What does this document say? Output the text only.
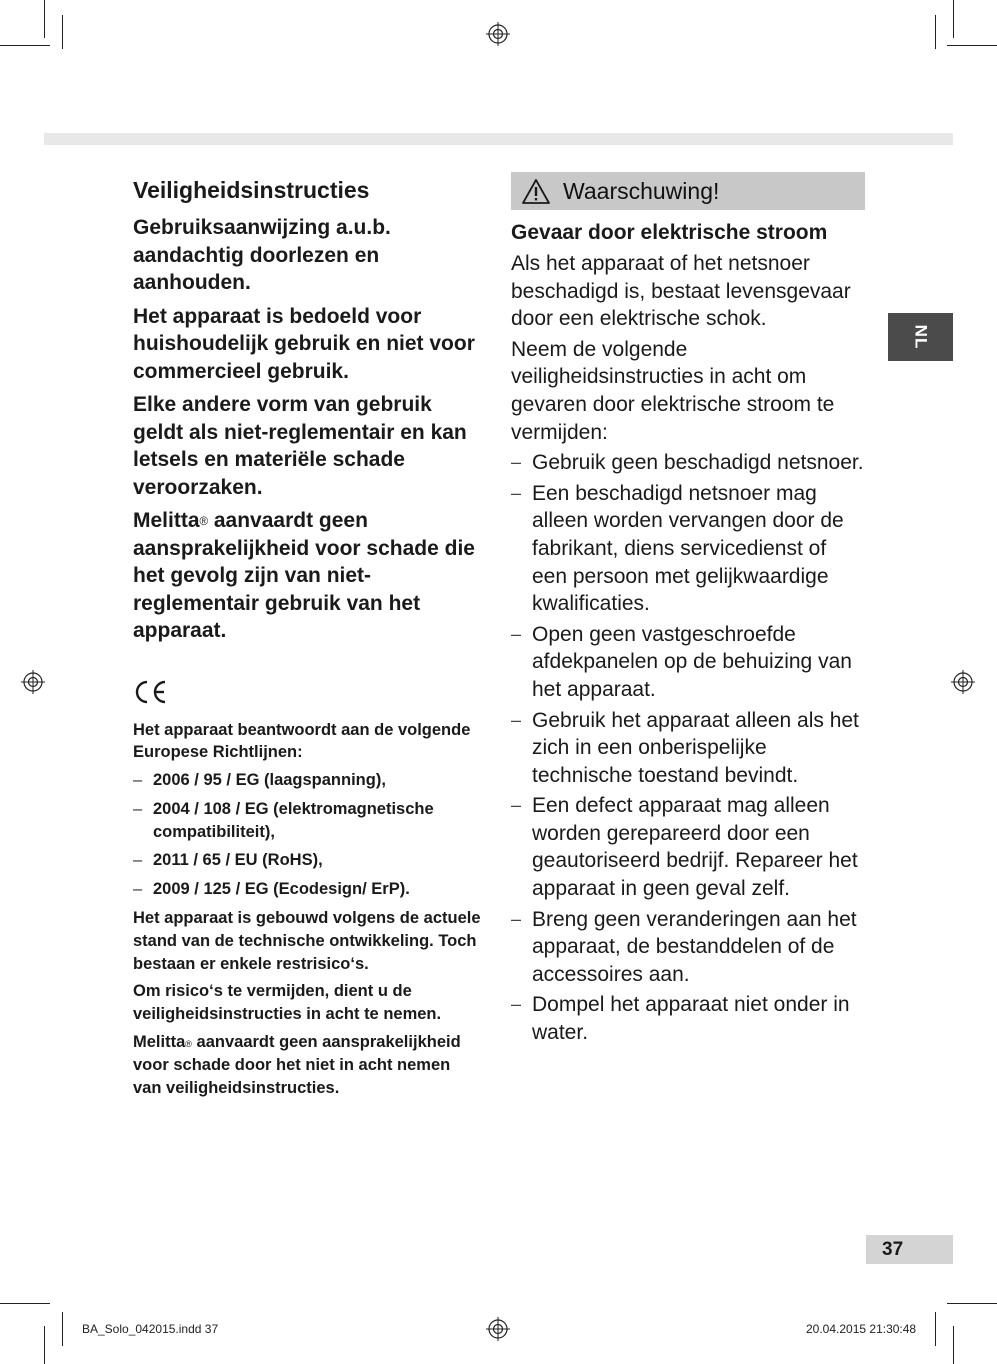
NL
Veiligheidsinstructies

Gebruiksaanwijzing a.u.b. aandachtig doorlezen en aanhouden.

Het apparaat is bedoeld voor huishoudelijk gebruik en niet voor commercieel gebruik.

Elke andere vorm van gebruik geldt als niet-reglementair en kan letsels en materiële schade veroorzaken.

Melitta® aanvaardt geen aansprakelijkheid voor schade die het gevolg zijn van niet-reglementair gebruik van het apparaat.

Het apparaat beantwoordt aan de volgende Europese Richtlijnen:

– 2006 / 95 / EG (laagspanning),
– 2004 / 108 / EG (elektromagnetische compatibiliteit),
– 2011 / 65 / EU (RoHS),
– 2009 / 125 / EG (Ecodesign/ ErP).

Het apparaat is gebouwd volgens de actuele stand van de technische ontwikkeling. Toch bestaan er enkele restrisico‘s.

Om risico‘s te vermijden, dient u de veiligheidsinstructies in acht te nemen.

Melitta® aanvaardt geen aansprakelijkheid voor schade door het niet in acht nemen van veiligheidsinstructies.

Waarschuwing!
Gevaar door elektrische stroom

Als het apparaat of het netsnoer beschadigd is, bestaat levensgevaar door een elektrische schok.

Neem de volgende veiligheidsinstructies in acht om gevaren door elektrische stroom te vermijden:

– Gebruik geen beschadigd netsnoer.
– Een beschadigd netsnoer mag alleen worden vervangen door de fabrikant, diens servicedienst of een persoon met gelijkwaardige kwalificaties.
– Open geen vastgeschroefde afdekpanelen op de behuizing van het apparaat.
– Gebruik het apparaat alleen als het zich in een onberispelijke technische toestand bevindt.
– Een defect apparaat mag alleen worden gerepareerd door een geautoriseerd bedrijf. Repareer het apparaat in geen geval zelf.
– Breng geen veranderingen aan het apparaat, de bestanddelen of de accessoires aan.
– Dompel het apparaat niet onder in water.
37
BA_Solo_042015.indd 37	20.04.2015 21:30:48
